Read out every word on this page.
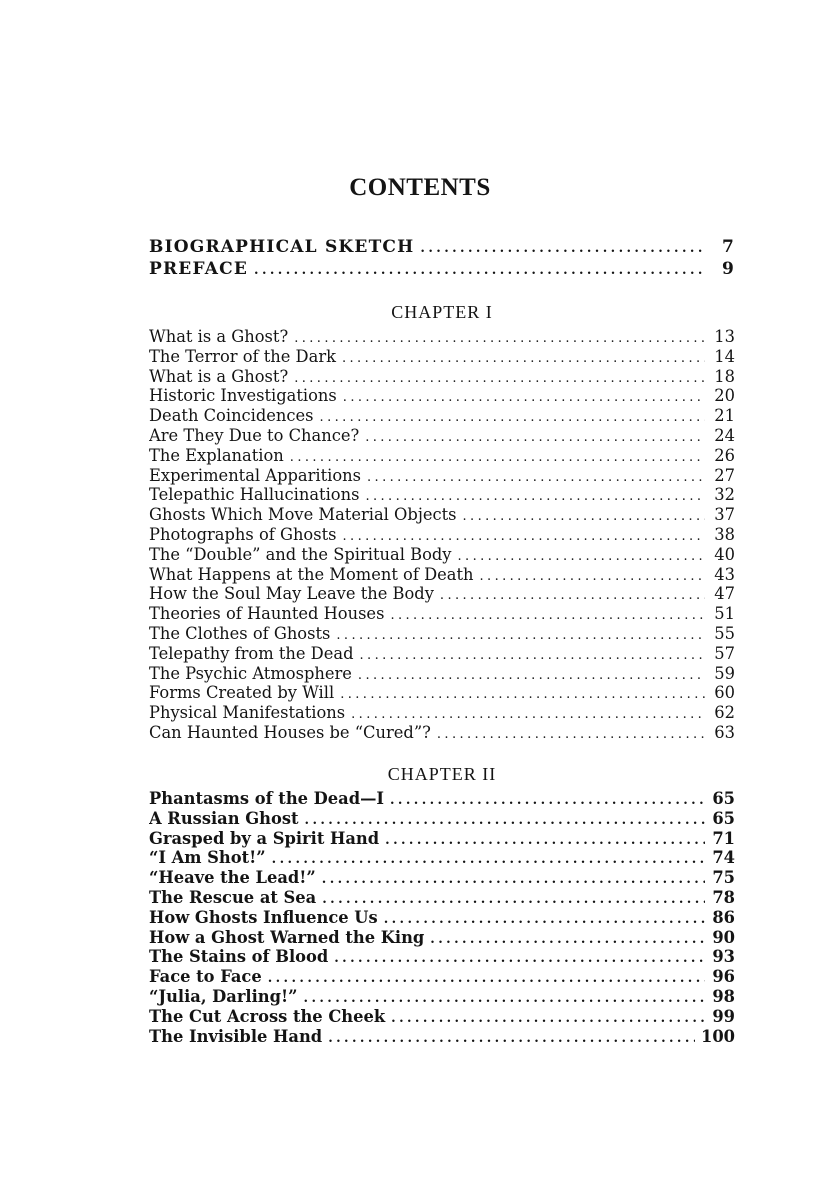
CONTENTS
BIOGRAPHICAL SKETCH .....	7
PREFACE .....	9
CHAPTER I
What is a Ghost? .....	13
The Terror of the Dark .....	14
What is a Ghost? .....	18
Historic Investigations .....	20
Death Coincidences .....	21
Are They Due to Chance? .....	24
The Explanation .....	26
Experimental Apparitions .....	27
Telepathic Hallucinations .....	32
Ghosts Which Move Material Objects .....	37
Photographs of Ghosts .....	38
The “Double” and the Spiritual Body .....	40
What Happens at the Moment of Death .....	43
How the Soul May Leave the Body .....	47
Theories of Haunted Houses .....	51
The Clothes of Ghosts .....	55
Telepathy from the Dead .....	57
The Psychic Atmosphere .....	59
Forms Created by Will .....	60
Physical Manifestations .....	62
Can Haunted Houses be “Cured”? .....	63
CHAPTER II
Phantasms of the Dead—I .....	65
A Russian Ghost .....	65
Grasped by a Spirit Hand .....	71
“I Am Shot!” .....	74
“Heave the Lead!” .....	75
The Rescue at Sea .....	78
How Ghosts Influence Us .....	86
How a Ghost Warned the King .....	90
The Stains of Blood .....	93
Face to Face .....	96
“Julia, Darling!” .....	98
The Cut Across the Cheek .....	99
The Invisible Hand .....	100
